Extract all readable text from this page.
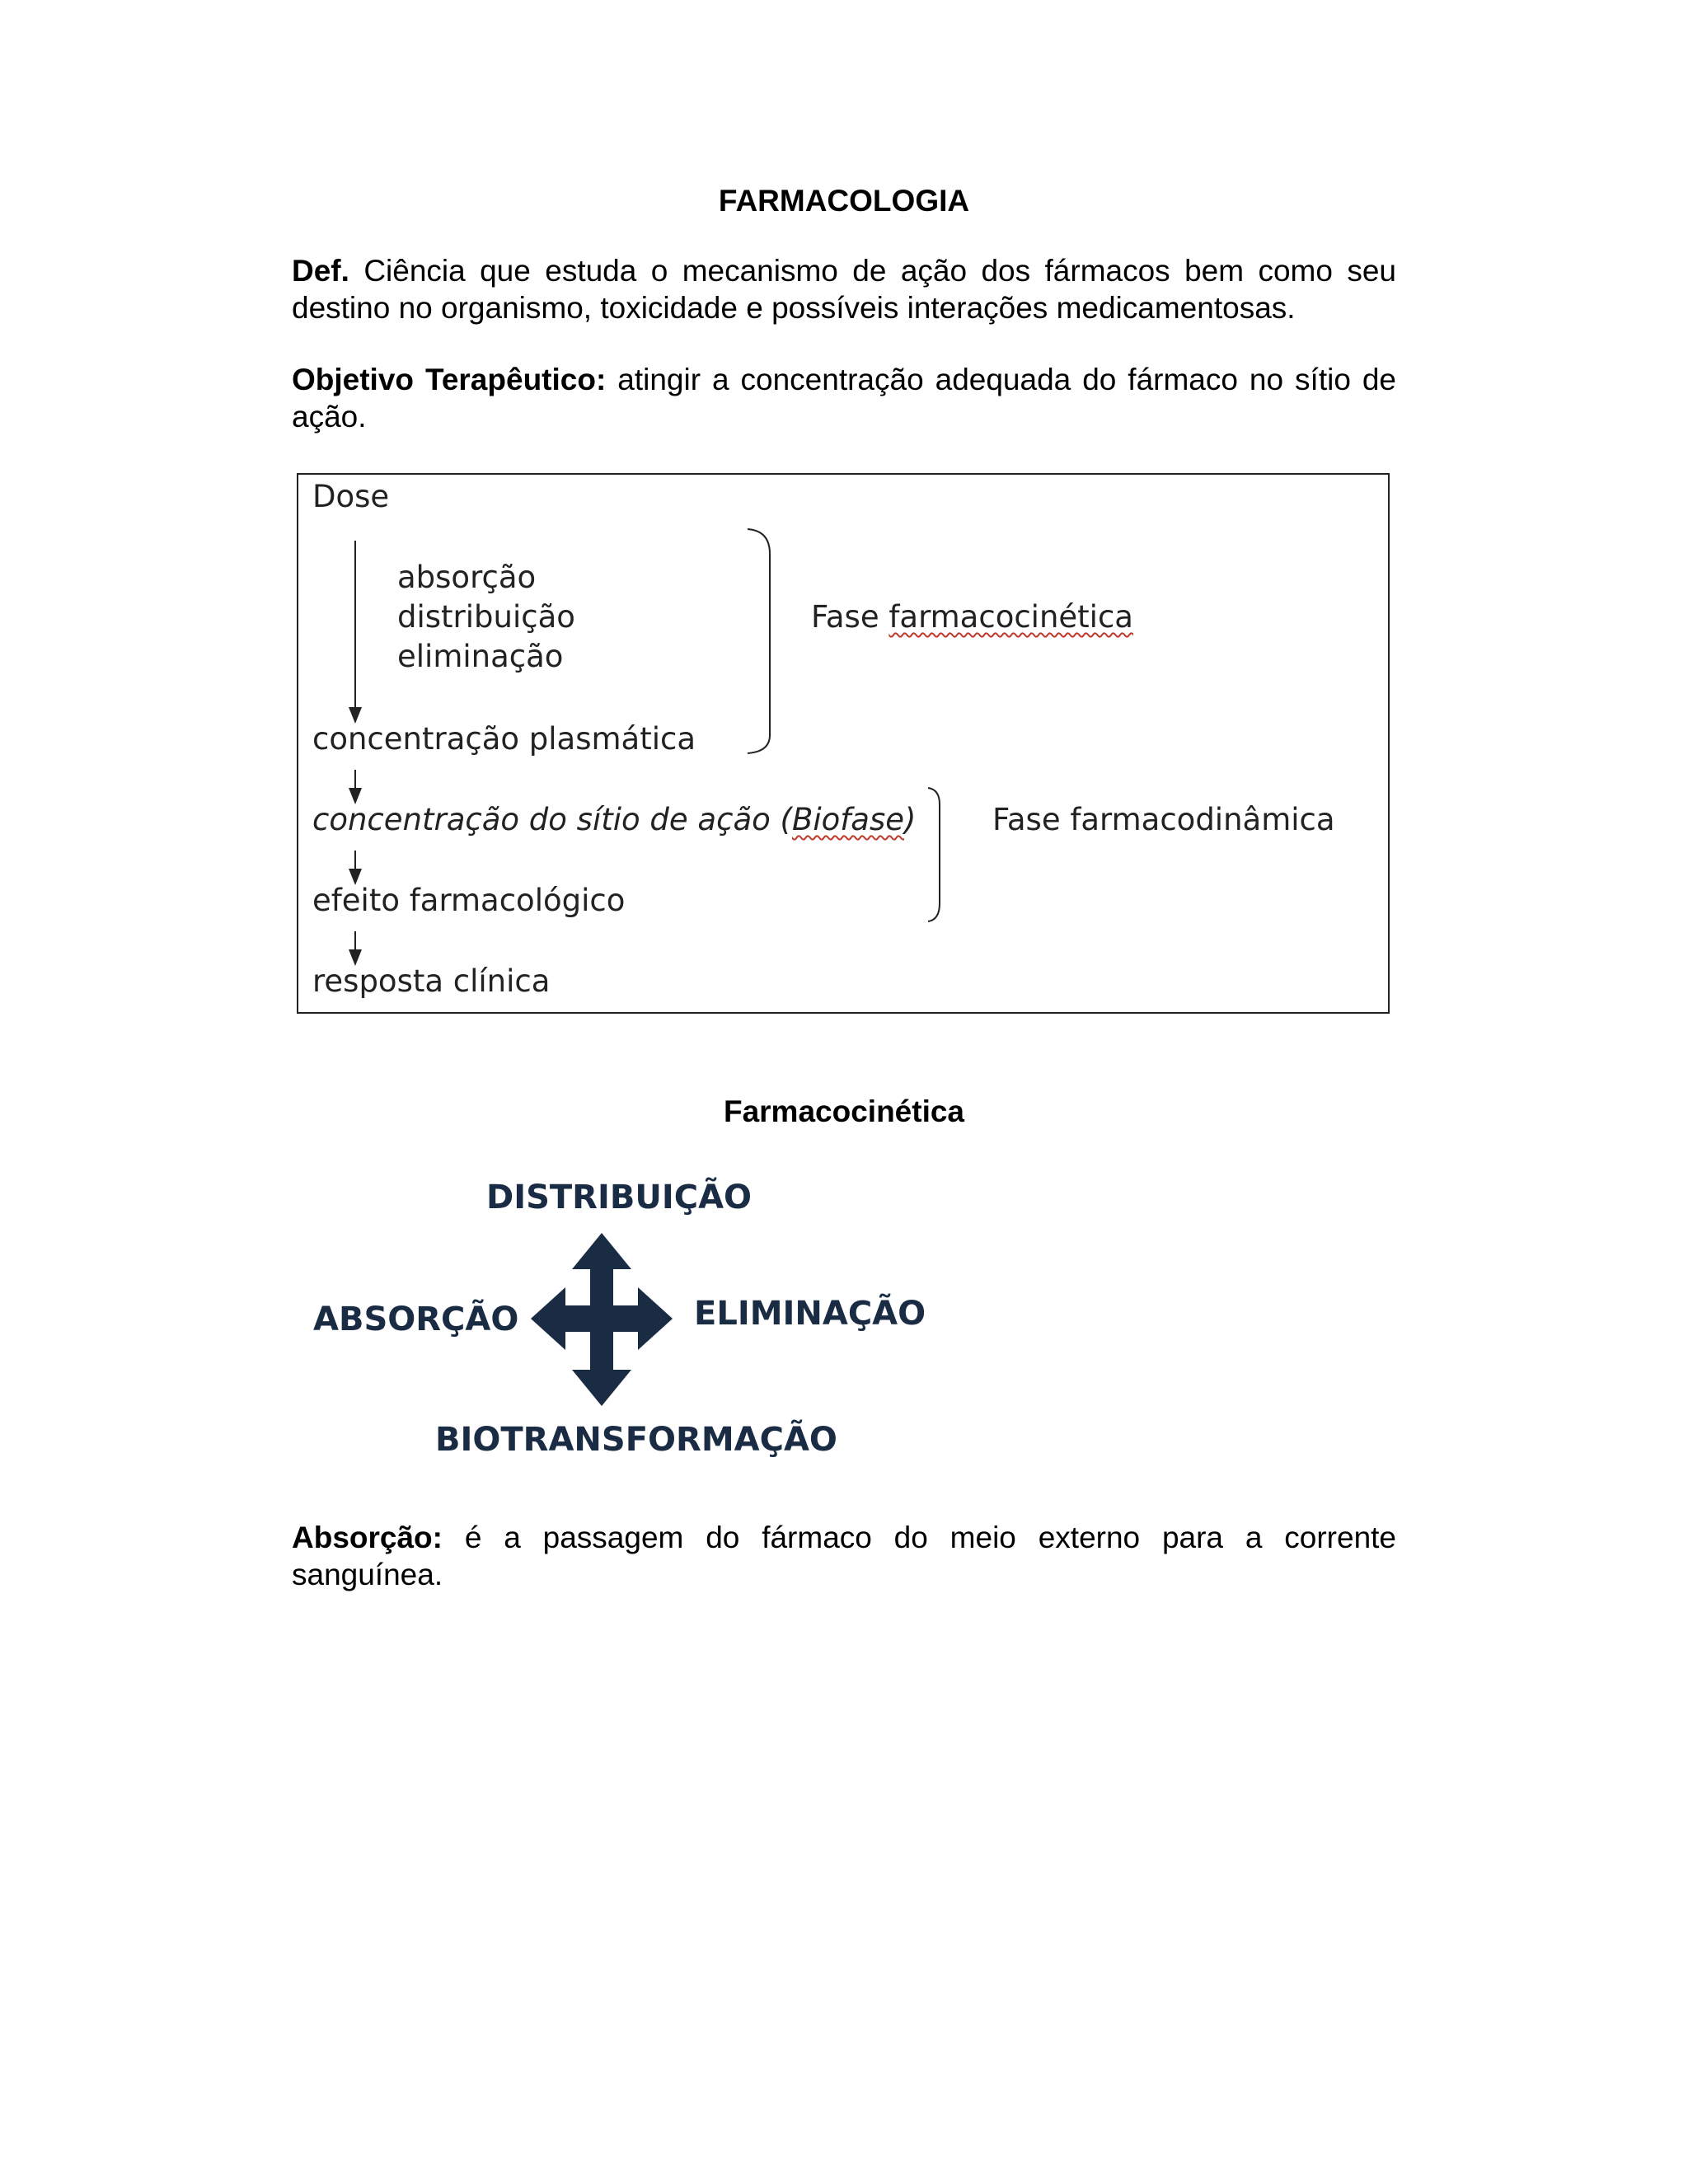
FARMACOLOGIA

Def. Ciência que estuda o mecanismo de ação dos fármacos bem como seu destino no organismo, toxicidade e possíveis interações medicamentosas.

Objetivo Terapêutico: atingir a concentração adequada do fármaco no sítio de ação.

Dose
absorção
distribuição
eliminação
Fase farmacocinética
concentração plasmática
concentração do sítio de ação (Biofase)	Fase farmacodinâmica
efeito farmacológico
resposta clínica
Farmacocinética
DISTRIBUIÇÃO
ABSORÇÃO	ELIMINAÇÃO
BIOTRANSFORMAÇÃO

Absorção: é a passagem do fármaco do meio externo para a corrente sanguínea.
